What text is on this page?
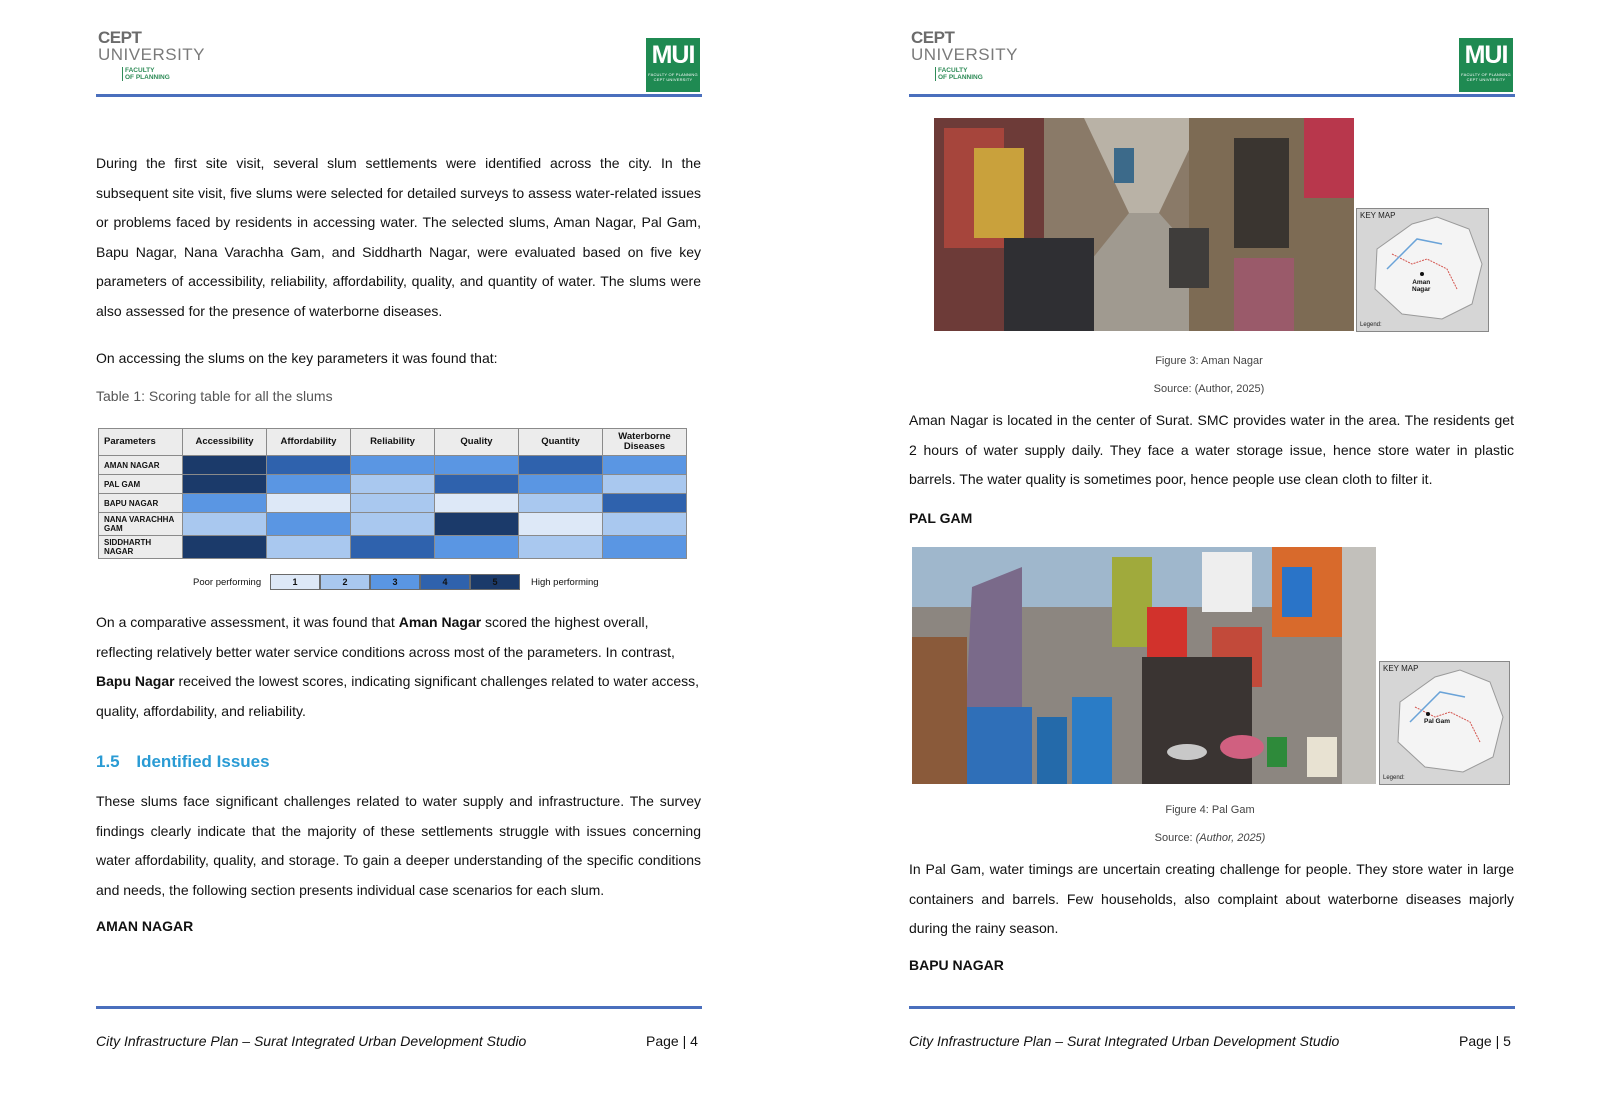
CEPT
UNIVERSITY
FACULTY
OF PLANNING
MUI
FACULTY OF PLANNING
CEPT UNIVERSITY

During the first site visit, several slum settlements were identified across the city. In the subsequent site visit, five slums were selected for detailed surveys to assess water-related issues or problems faced by residents in accessing water. The selected slums, Aman Nagar, Pal Gam, Bapu Nagar, Nana Varachha Gam, and Siddharth Nagar, were evaluated based on five key parameters of accessibility, reliability, affordability, quality, and quantity of water. The slums were also assessed for the presence of waterborne diseases.

On accessing the slums on the key parameters it was found that:

Table 1: Scoring table for all the slums

Parameters	Accessibility	Affordability	Reliability	Quality	Quantity	Waterborne Diseases
AMAN NAGAR						
PAL GAM						
BAPU NAGAR						
NANA VARACHHA GAM						
SIDDHARTH NAGAR						
Poor performing	High performing
1	2	3	4	5

On a comparative assessment, it was found that Aman Nagar scored the highest overall, reflecting relatively better water service conditions across most of the parameters. In contrast, Bapu Nagar received the lowest scores, indicating significant challenges related to water access, quality, affordability, and reliability.

1.5 Identified Issues

These slums face significant challenges related to water supply and infrastructure. The survey findings clearly indicate that the majority of these settlements struggle with issues concerning water affordability, quality, and storage. To gain a deeper understanding of the specific conditions and needs, the following section presents individual case scenarios for each slum.

AMAN NAGAR
City Infrastructure Plan – Surat Integrated Urban Development Studio	Page | 4
CEPT
UNIVERSITY
FACULTY
OF PLANNING
MUI
FACULTY OF PLANNING
CEPT UNIVERSITY
KEY MAP
Aman
Nagar
Legend:
Figure 3: Aman Nagar
Source: (Author, 2025)

Aman Nagar is located in the center of Surat. SMC provides water in the area. The residents get 2 hours of water supply daily. They face a water storage issue, hence store water in plastic barrels. The water quality is sometimes poor, hence people use clean cloth to filter it.

PAL GAM
KEY MAP
Pal Gam
Legend:
Figure 4: Pal Gam
Source: (Author, 2025)

In Pal Gam, water timings are uncertain creating challenge for people. They store water in large containers and barrels. Few households, also complaint about waterborne diseases majorly during the rainy season.

BAPU NAGAR
City Infrastructure Plan – Surat Integrated Urban Development Studio	Page | 5
